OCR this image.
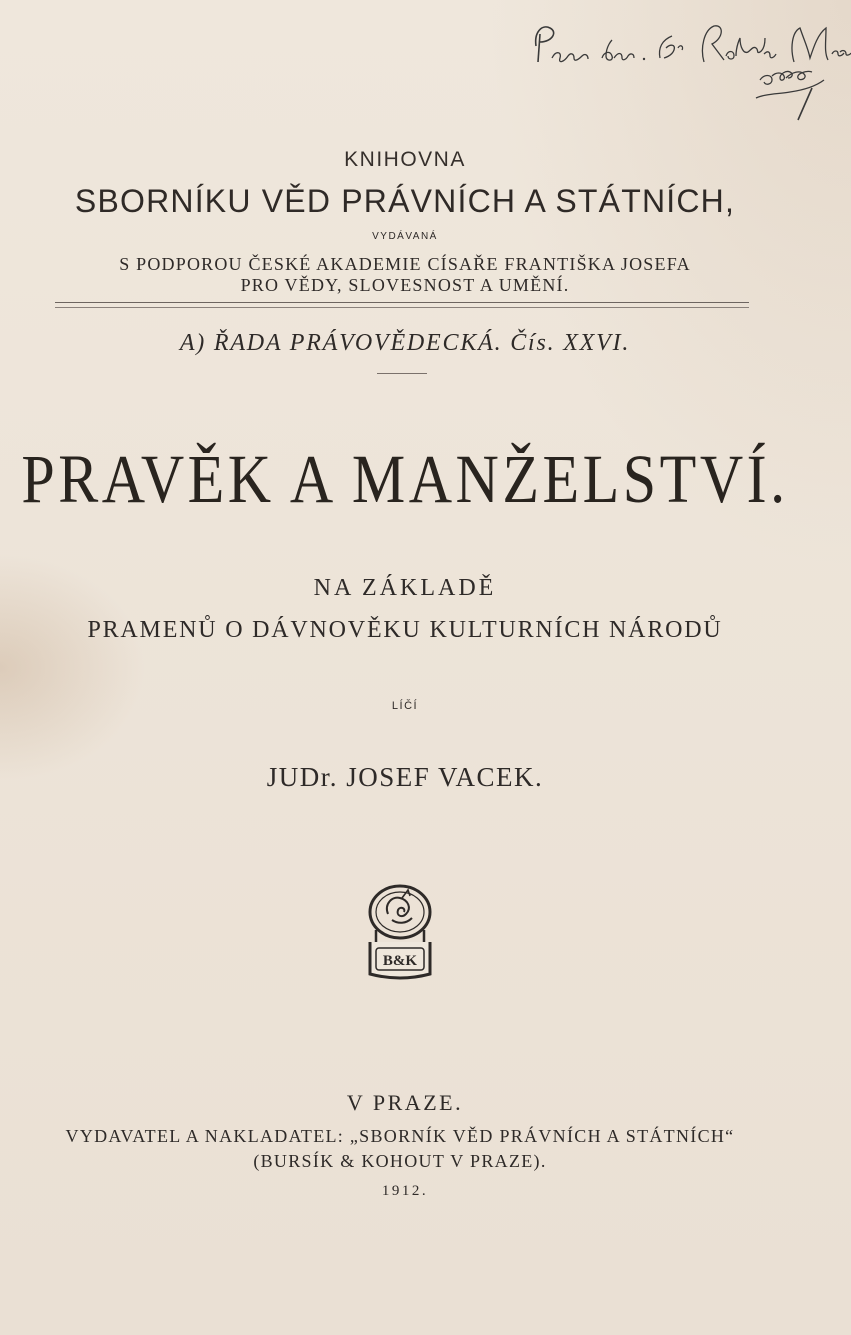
KNIHOVNA
SBORNÍKU VĚD PRÁVNÍCH A STÁTNÍCH,
VYDÁVANÁ
S PODPOROU ČESKÉ AKADEMIE CÍSAŘE FRANTIŠKA JOSEFA
PRO VĚDY, SLOVESNOST A UMĚNÍ.
A) ŘADA PRÁVOVĚDECKÁ. Čís. XXVI.
PRAVĚK A MANŽELSTVÍ.
NA ZÁKLADĚ
PRAMENŮ O DÁVNOVĚKU KULTURNÍCH NÁRODŮ
LÍČÍ
JUDr. JOSEF VACEK.
B&K
V PRAZE.
VYDAVATEL A NAKLADATEL: „SBORNÍK VĚD PRÁVNÍCH A STÁTNÍCH“
(BURSÍK & KOHOUT V PRAZE).
1912.
